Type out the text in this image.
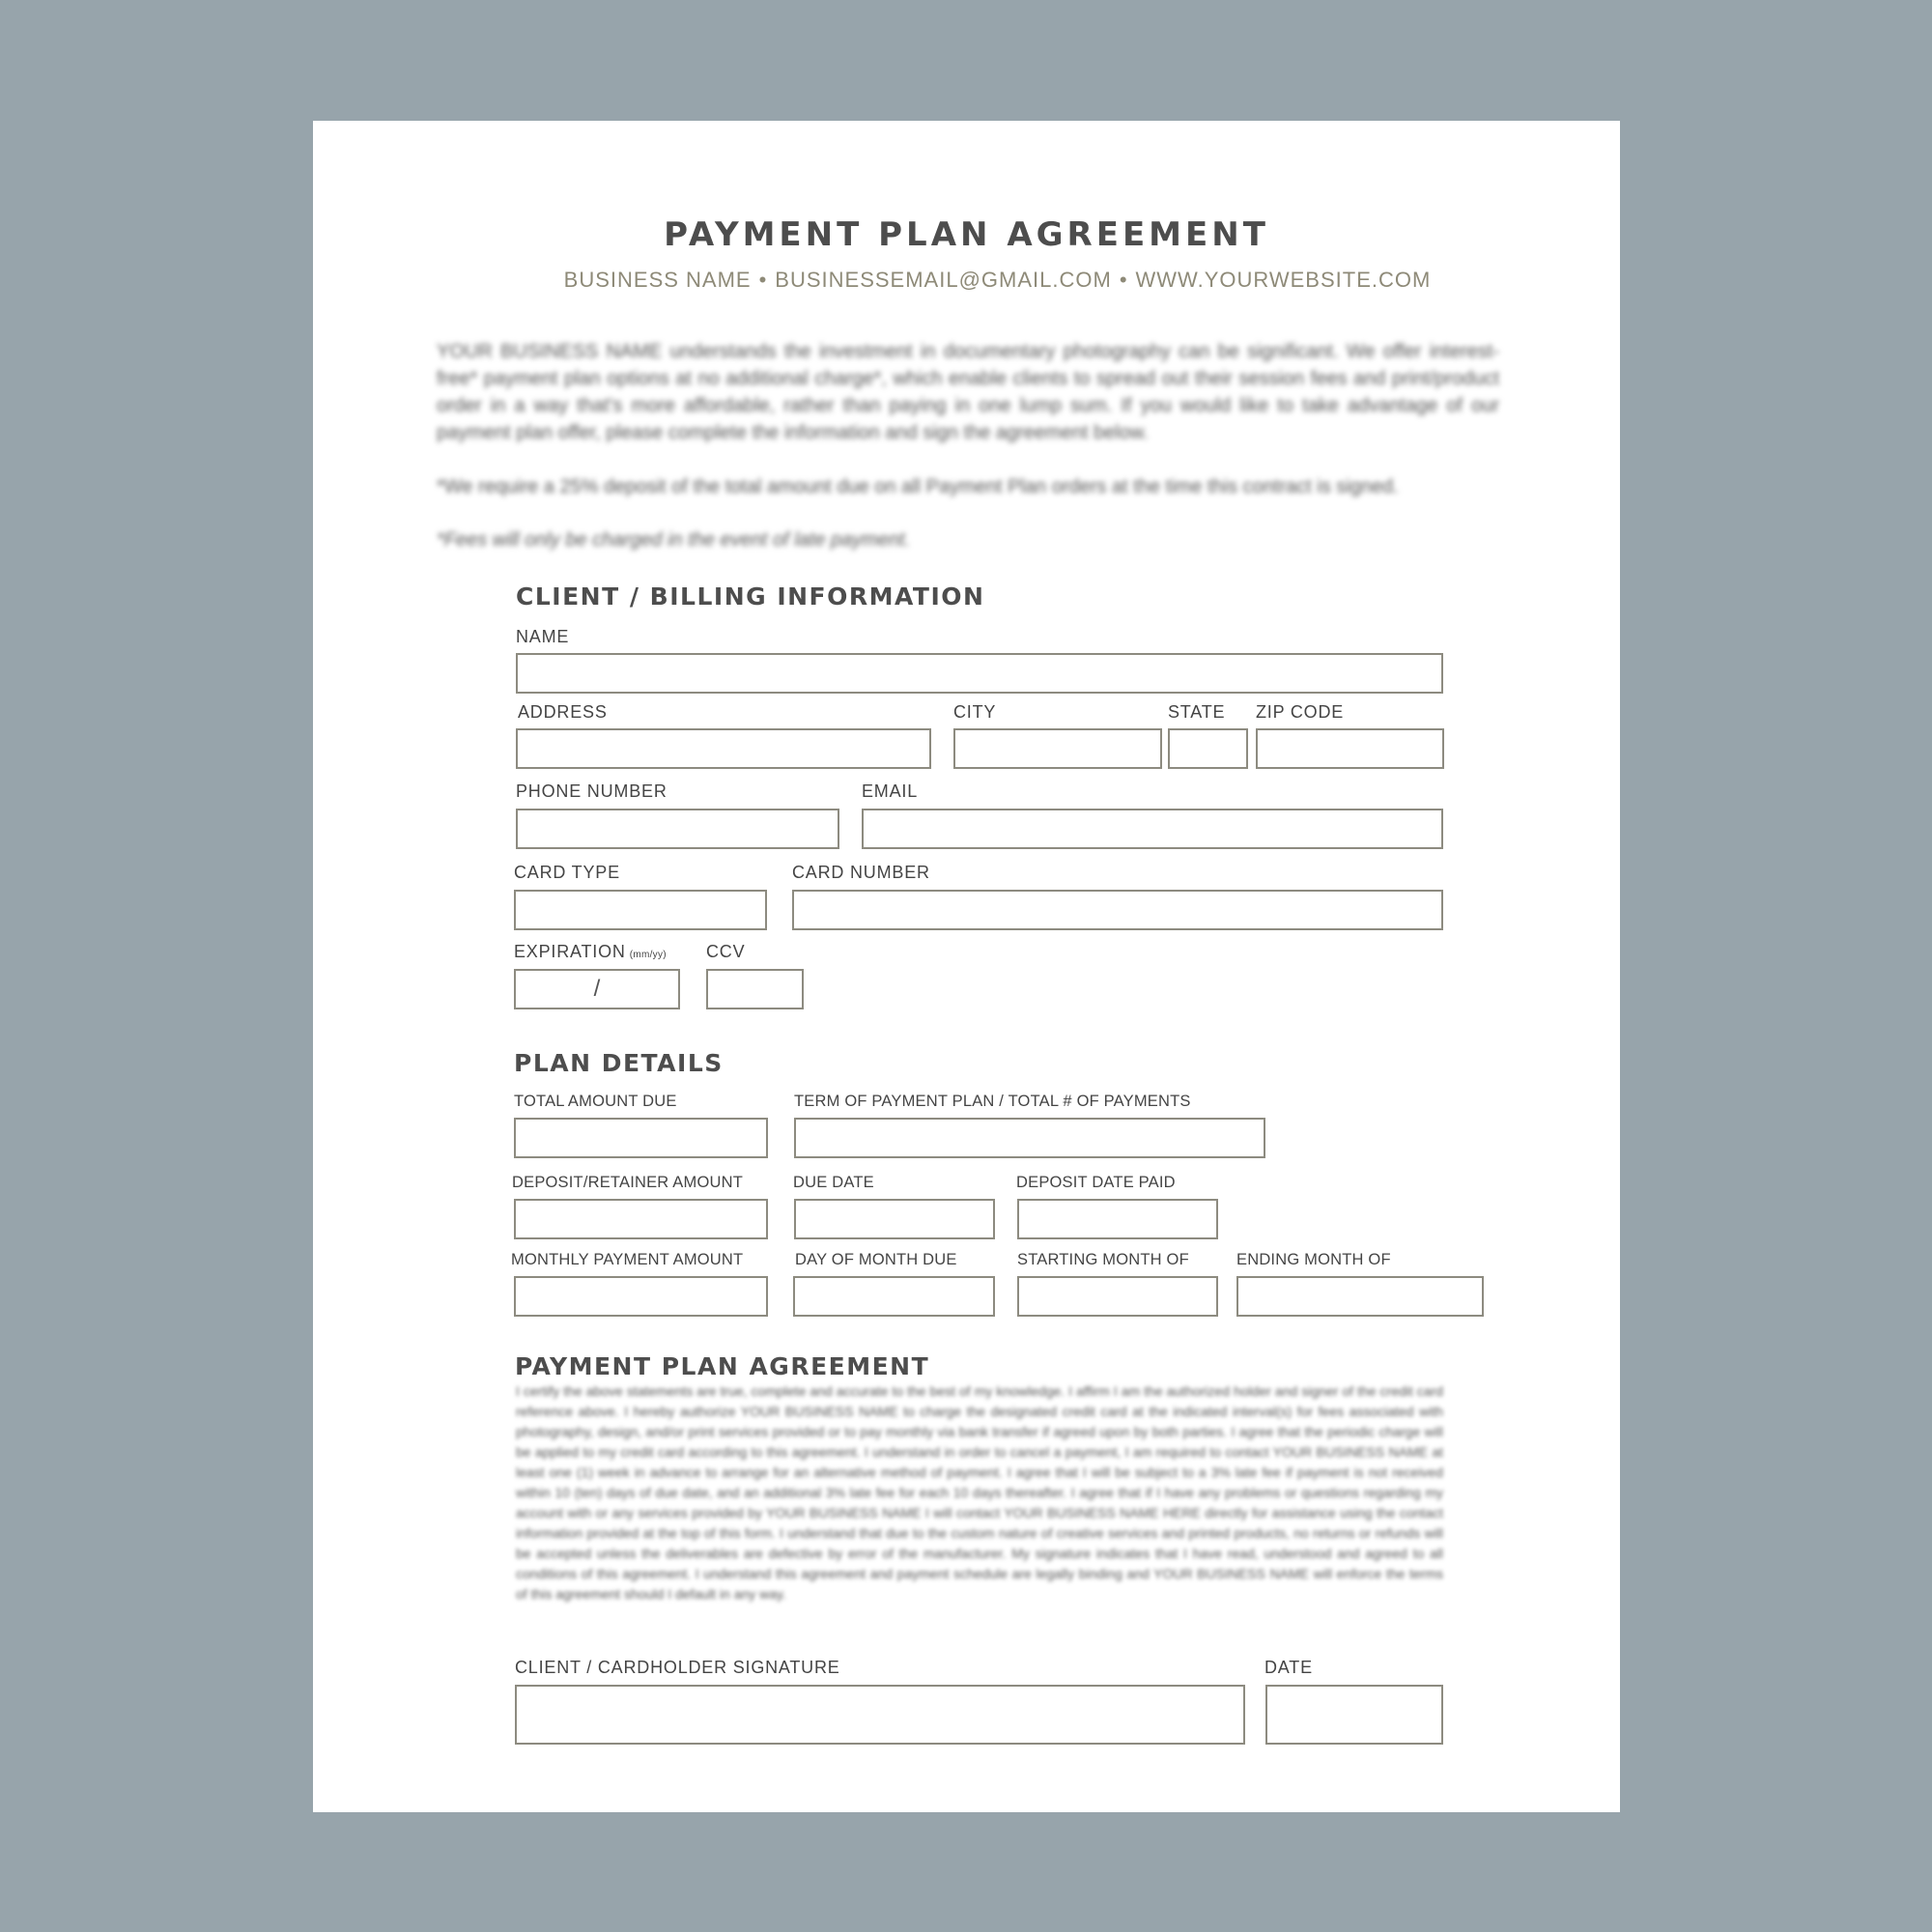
PAYMENT PLAN AGREEMENT
BUSINESS NAME • BUSINESSEMAIL@GMAIL.COM • WWW.YOURWEBSITE.COM
YOUR BUSINESS NAME understands the investment in documentary photography can be significant. We offer interest-free* payment plan options at no additional charge*, which enable clients to spread out their session fees and print/product order in a way that's more affordable, rather than paying in one lump sum. If you would like to take advantage of our payment plan offer, please complete the information and sign the agreement below.
*We require a 25% deposit of the total amount due on all Payment Plan orders at the time this contract is signed.
*Fees will only be charged in the event of late payment.
CLIENT / BILLING INFORMATION
NAME
ADDRESS	CITY	STATE ZIP CODE
PHONE NUMBER	EMAIL
CARD TYPE	CARD NUMBER
EXPIRATION (mm/yy)
/
CCV
PLAN DETAILS
TOTAL AMOUNT DUE	TERM OF PAYMENT PLAN / TOTAL # OF PAYMENTS
DEPOSIT/RETAINER AMOUNT	DUE DATE	DEPOSIT DATE PAID
MONTHLY PAYMENT AMOUNT	DAY OF MONTH DUE	STARTING MONTH OF	ENDING MONTH OF
PAYMENT PLAN AGREEMENT
I certify the above statements are true, complete and accurate to the best of my knowledge. I affirm I am the authorized holder and signer of the credit card reference above. I hereby authorize YOUR BUSINESS NAME to charge the designated credit card at the indicated interval(s) for fees associated with photography, design, and/or print services provided or to pay monthly via bank transfer if agreed upon by both parties. I agree that the periodic charge will be applied to my credit card according to this agreement. I understand in order to cancel a payment, I am required to contact YOUR BUSINESS NAME at least one (1) week in advance to arrange for an alternative method of payment. I agree that I will be subject to a 3% late fee if payment is not received within 10 (ten) days of due date, and an additional 3% late fee for each 10 days thereafter. I agree that if I have any problems or questions regarding my account with or any services provided by YOUR BUSINESS NAME I will contact YOUR BUSINESS NAME HERE directly for assistance using the contact information provided at the top of this form. I understand that due to the custom nature of creative services and printed products, no returns or refunds will be accepted unless the deliverables are defective by error of the manufacturer. My signature indicates that I have read, understood and agreed to all conditions of this agreement. I understand this agreement and payment schedule are legally binding and YOUR BUSINESS NAME will enforce the terms of this agreement should I default in any way.
CLIENT / CARDHOLDER SIGNATURE	DATE
